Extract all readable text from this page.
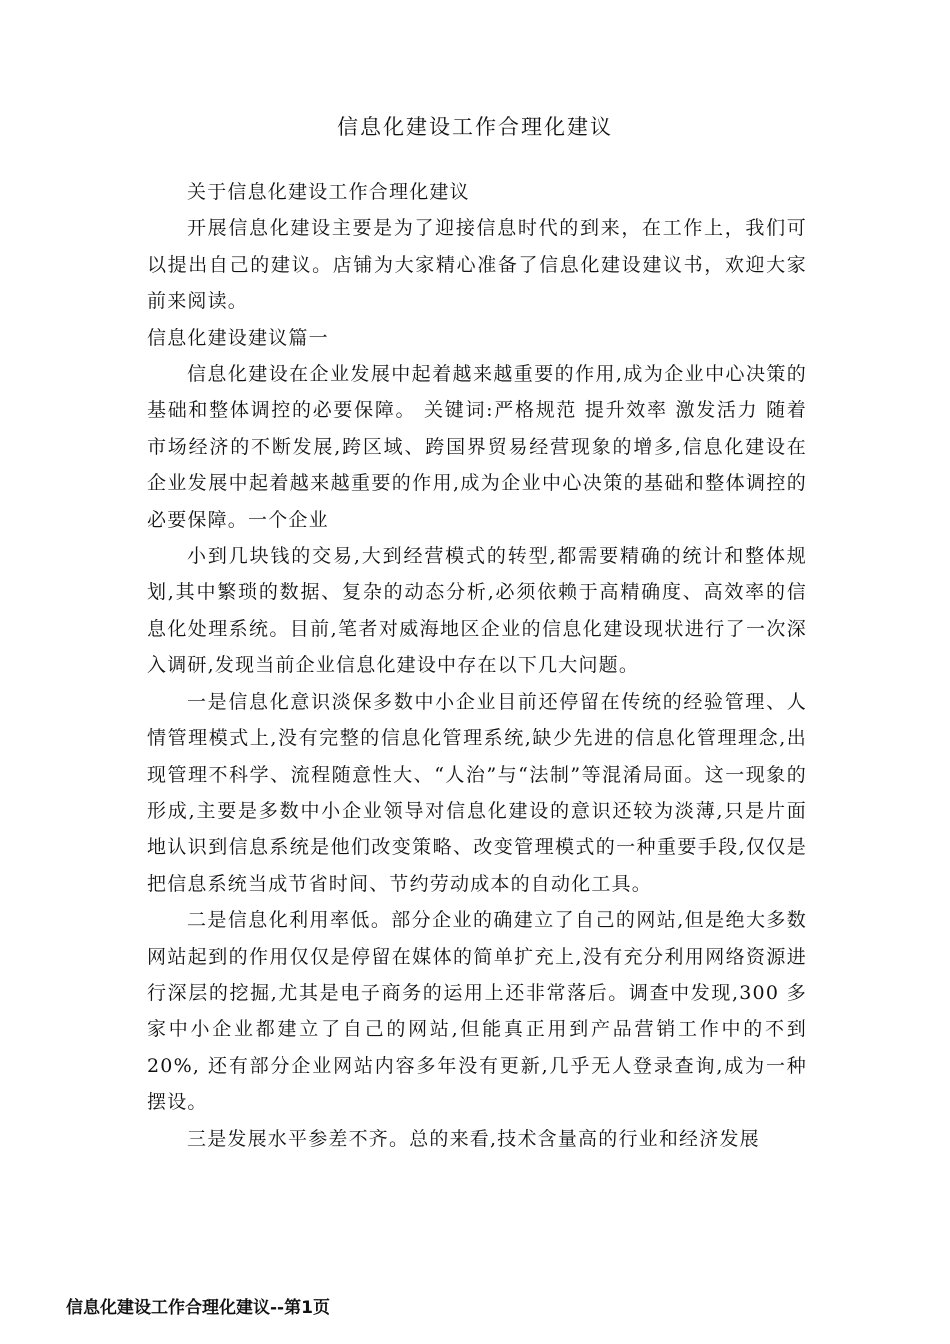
信息化建设工作合理化建议

关于信息化建设工作合理化建议

开展信息化建设主要是为了迎接信息时代的到来，在工作上，我们可以提出自己的建议。店铺为大家精心准备了信息化建设建议书，欢迎大家前来阅读。

信息化建设建议篇一

信息化建设在企业发展中起着越来越重要的作用,成为企业中心决策的基础和整体调控的必要保障。 关键词:严格规范 提升效率 激发活力 随着市场经济的不断发展,跨区域、跨国界贸易经营现象的增多,信息化建设在企业发展中起着越来越重要的作用,成为企业中心决策的基础和整体调控的必要保障。一个企业

小到几块钱的交易,大到经营模式的转型,都需要精确的统计和整体规划,其中繁琐的数据、复杂的动态分析,必须依赖于高精确度、高效率的信息化处理系统。目前,笔者对威海地区企业的信息化建设现状进行了一次深入调研,发现当前企业信息化建设中存在以下几大问题。

一是信息化意识淡保多数中小企业目前还停留在传统的经验管理、人情管理模式上,没有完整的信息化管理系统,缺少先进的信息化管理理念,出现管理不科学、流程随意性大、“人治”与“法制”等混淆局面。这一现象的形成,主要是多数中小企业领导对信息化建设的意识还较为淡薄,只是片面地认识到信息系统是他们改变策略、改变管理模式的一种重要手段,仅仅是把信息系统当成节省时间、节约劳动成本的自动化工具。

二是信息化利用率低。部分企业的确建立了自己的网站,但是绝大多数网站起到的作用仅仅是停留在媒体的简单扩充上,没有充分利用网络资源进行深层的挖掘,尤其是电子商务的运用上还非常落后。调查中发现,300 多家中小企业都建立了自己的网站,但能真正用到产品营销工作中的不到20%, 还有部分企业网站内容多年没有更新,几乎无人登录查询,成为一种摆设。

三是发展水平参差不齐。总的来看,技术含量高的行业和经济发展

信息化建设工作合理化建议--第1页
